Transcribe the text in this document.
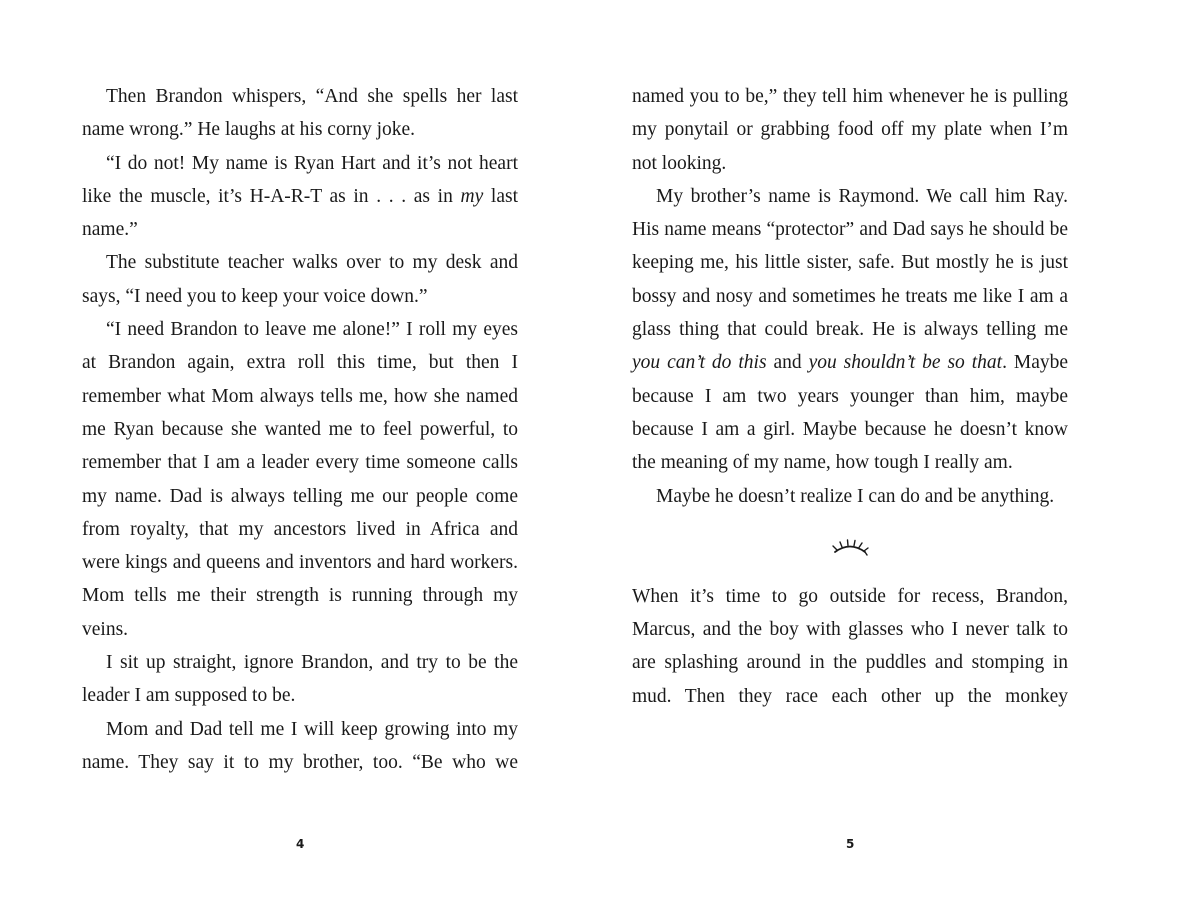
Then Brandon whispers, “And she spells her last name wrong.” He laughs at his corny joke.

“I do not! My name is Ryan Hart and it’s not heart like the muscle, it’s H-A-R-T as in . . . as in my last name.”

The substitute teacher walks over to my desk and says, “I need you to keep your voice down.”

“I need Brandon to leave me alone!” I roll my eyes at Brandon again, extra roll this time, but then I remember what Mom always tells me, how she named me Ryan because she wanted me to feel powerful, to remember that I am a leader every time someone calls my name. Dad is always telling me our people come from royalty, that my ancestors lived in Africa and were kings and queens and inventors and hard workers. Mom tells me their strength is running through my veins.

I sit up straight, ignore Brandon, and try to be the leader I am supposed to be.

Mom and Dad tell me I will keep growing into my name. They say it to my brother, too. “Be who we

4

named you to be,” they tell him whenever he is pulling my ponytail or grabbing food off my plate when I’m not looking.

My brother’s name is Raymond. We call him Ray. His name means “protector” and Dad says he should be keeping me, his little sister, safe. But mostly he is just bossy and nosy and sometimes he treats me like I am a glass thing that could break. He is always telling me you can’t do this and you shouldn’t be so that. Maybe because I am two years younger than him, maybe because I am a girl. Maybe because he doesn’t know the meaning of my name, how tough I really am.

Maybe he doesn’t realize I can do and be anything.

When it’s time to go outside for recess, Brandon, Marcus, and the boy with glasses who I never talk to are splashing around in the puddles and stomping in mud. Then they race each other up the monkey

5
